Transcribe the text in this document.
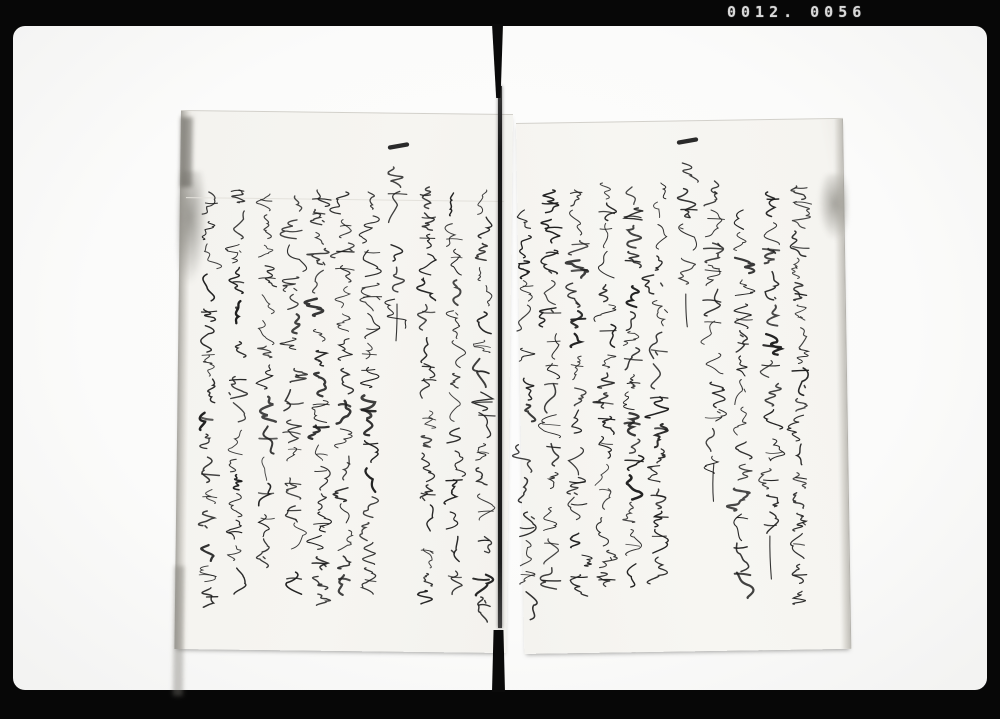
0012. 0056
